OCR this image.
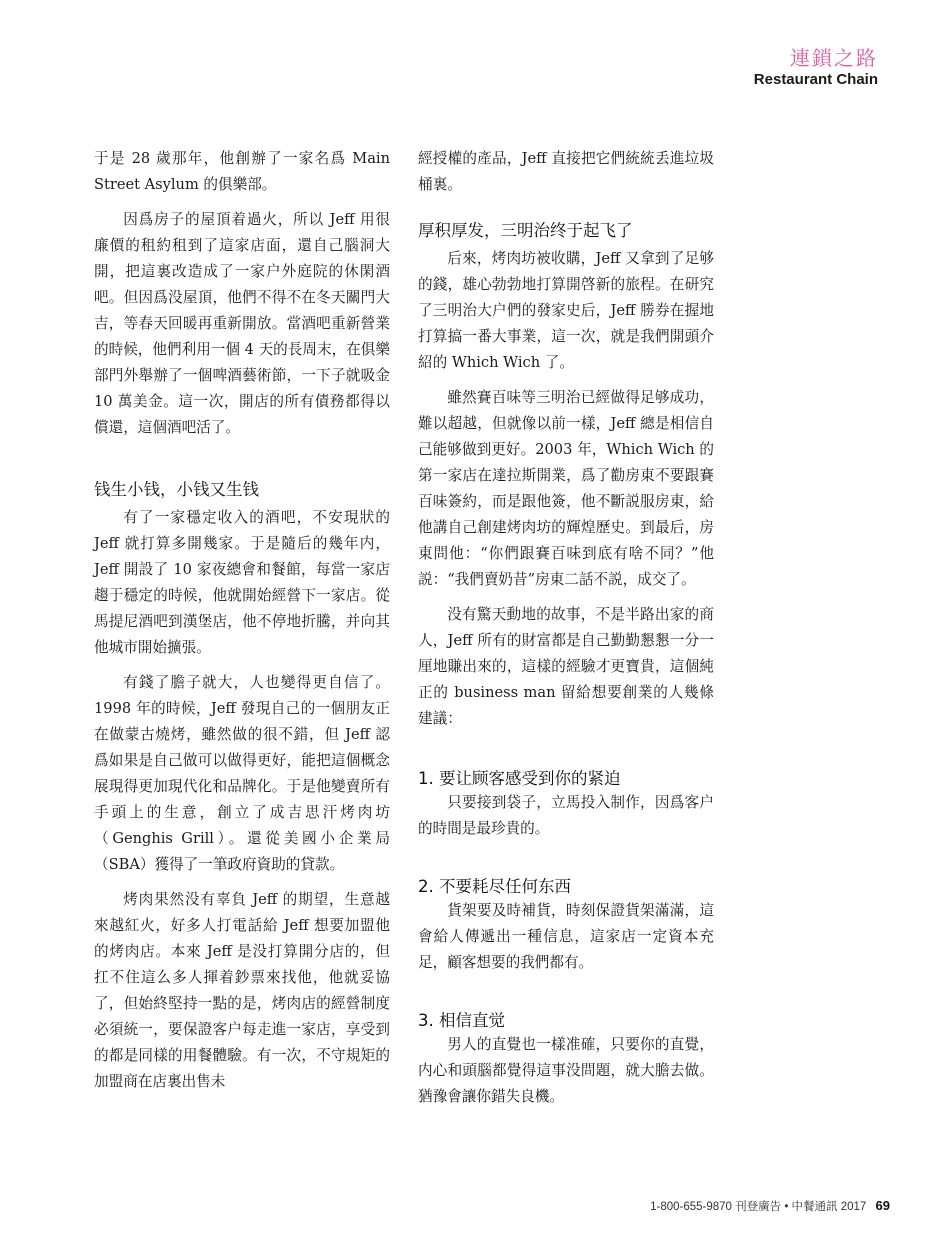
連鎖之路
Restaurant Chain

于是 28 歲那年，他創辦了一家名爲 Main Street Asylum 的俱樂部。

因爲房子的屋頂着過火，所以 Jeff 用很廉價的租約租到了這家店面，還自己腦洞大開，把這裏改造成了一家户外庭院的休閑酒吧。但因爲没屋頂，他們不得不在冬天關門大吉，等春天回暖再重新開放。當酒吧重新營業的時候，他們利用一個 4 天的長周末，在俱樂部門外舉辦了一個啤酒藝術節，一下子就吸金 10 萬美金。這一次，開店的所有債務都得以償還，這個酒吧活了。

钱生小钱，小钱又生钱

有了一家穩定收入的酒吧，不安現狀的 Jeff 就打算多開幾家。于是隨后的幾年内，Jeff 開設了 10 家夜總會和餐館，每當一家店趨于穩定的時候，他就開始經營下一家店。從馬提尼酒吧到漢堡店，他不停地折騰，并向其他城市開始擴張。

有錢了膽子就大，人也變得更自信了。1998 年的時候，Jeff 發現自己的一個朋友正在做蒙古燒烤，雖然做的很不錯，但 Jeff 認爲如果是自己做可以做得更好，能把這個概念展現得更加現代化和品牌化。于是他變賣所有手頭上的生意，創立了成吉思汗烤肉坊（Genghis Grill）。還從美國小企業局（SBA）獲得了一筆政府資助的貸款。

烤肉果然没有辜負 Jeff 的期望，生意越來越紅火，好多人打電話給 Jeff 想要加盟他的烤肉店。本來 Jeff 是没打算開分店的，但扛不住這么多人揮着鈔票來找他，他就妥協了，但始終堅持一點的是，烤肉店的經營制度必須統一，要保證客户每走進一家店，享受到的都是同樣的用餐體驗。有一次，不守規矩的加盟商在店裏出售未

經授權的產品，Jeff 直接把它們統統丢進垃圾桶裏。

厚积厚发，三明治终于起飞了

后來，烤肉坊被收購，Jeff 又拿到了足够的錢，雄心勃勃地打算開啓新的旅程。在研究了三明治大户們的發家史后，Jeff 勝券在握地打算搞一番大事業，這一次，就是我們開頭介紹的 Which Wich 了。

雖然賽百味等三明治已經做得足够成功，難以超越，但就像以前一樣，Jeff 總是相信自己能够做到更好。2003 年，Which Wich 的第一家店在達拉斯開業，爲了勸房東不要跟賽百味簽約，而是跟他簽，他不斷説服房東，給他講自己創建烤肉坊的輝煌歷史。到最后，房東問他：“你們跟賽百味到底有啥不同？”他説：“我們賣奶昔”房東二話不説，成交了。

没有驚天動地的故事，不是半路出家的商人，Jeff 所有的財富都是自己勤勤懇懇一分一厘地賺出來的，這樣的經驗才更寶貴，這個純正的 business man 留給想要創業的人幾條建議：

1. 要让顾客感受到你的紧迫

只要接到袋子，立馬投入制作，因爲客户的時間是最珍貴的。

2. 不要耗尽任何东西

貨架要及時補貨，時刻保證貨架滿滿，這會給人傳遞出一種信息，這家店一定資本充足，顧客想要的我們都有。

3. 相信直觉

男人的直覺也一樣准確，只要你的直覺，内心和頭腦都覺得這事没問題，就大膽去做。猶豫會讓你錯失良機。

1-800-655-9870 刊登廣告 • 中餐通訊 2017 69
